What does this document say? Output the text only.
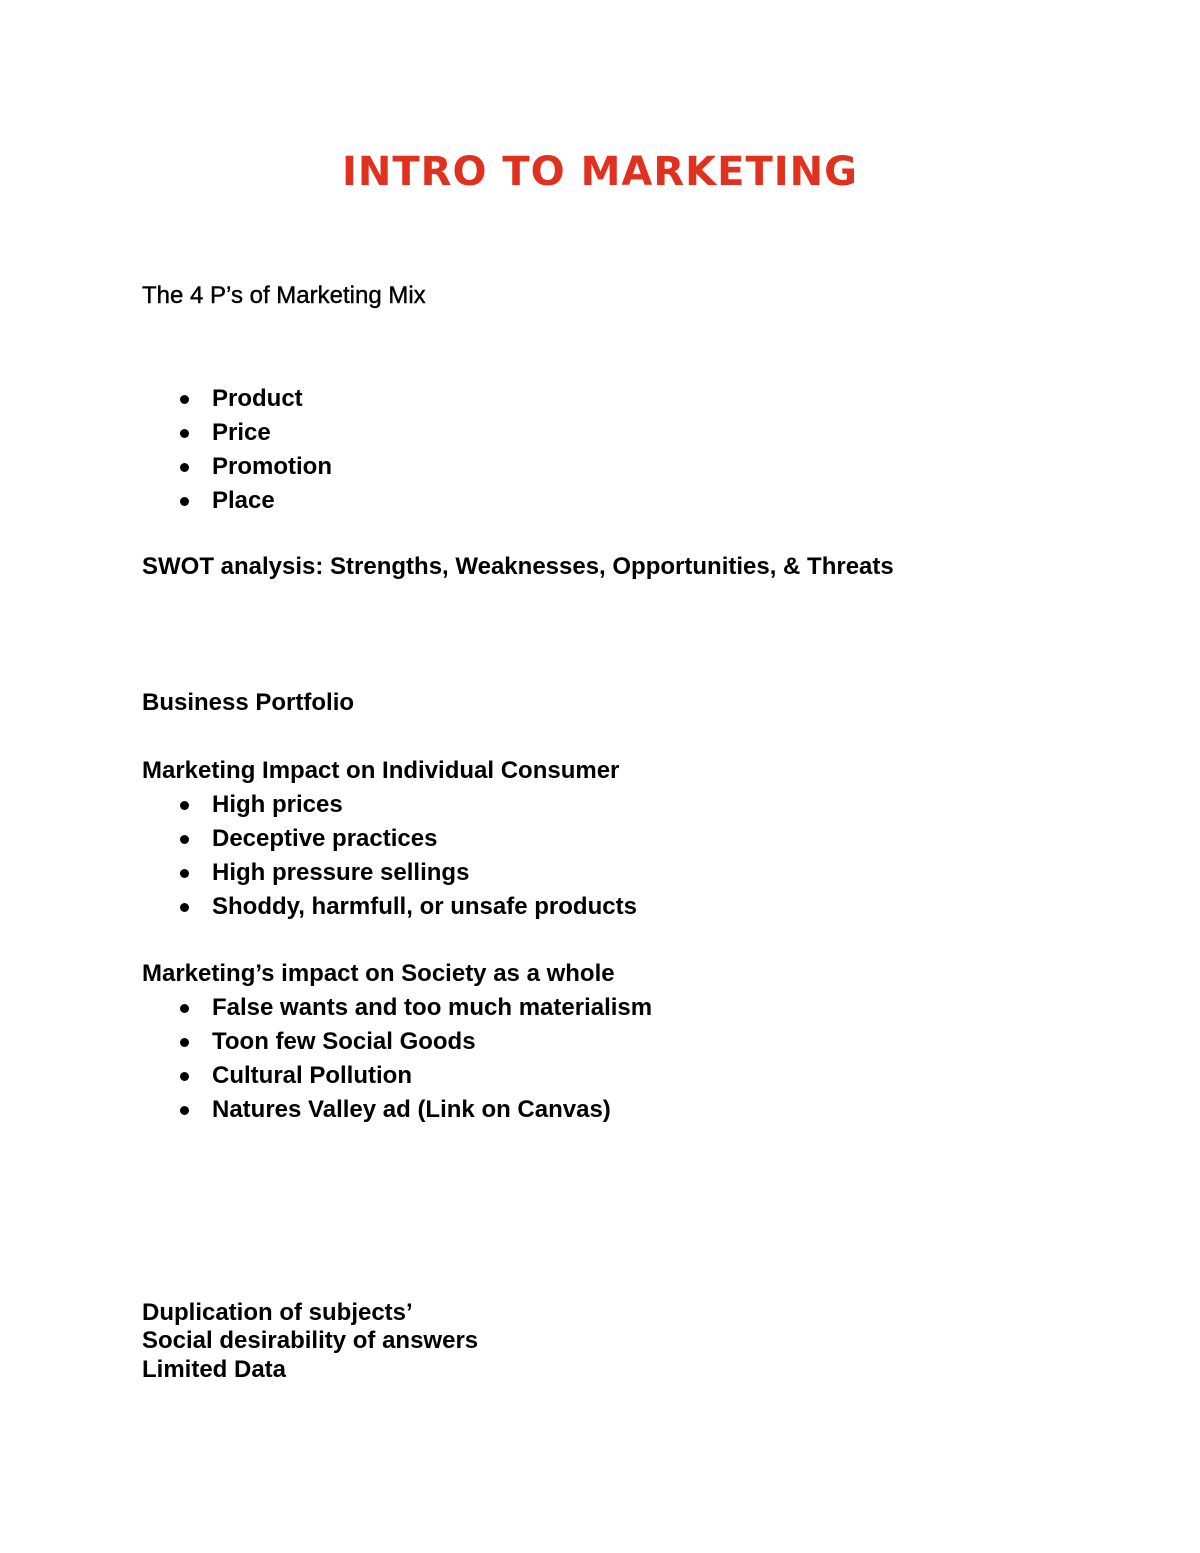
INTRO TO MARKETING
The 4 P’s of Marketing Mix
Product
Price
Promotion
Place
SWOT analysis: Strengths, Weaknesses, Opportunities, & Threats
Business Portfolio
Marketing Impact on Individual Consumer
High prices
Deceptive practices
High pressure sellings
Shoddy, harmfull, or unsafe products
Marketing’s impact on Society as a whole
False wants and too much materialism
Toon few Social Goods
Cultural Pollution
Natures Valley ad (Link on Canvas)
Duplication of subjects’
Social desirability of answers
Limited Data
